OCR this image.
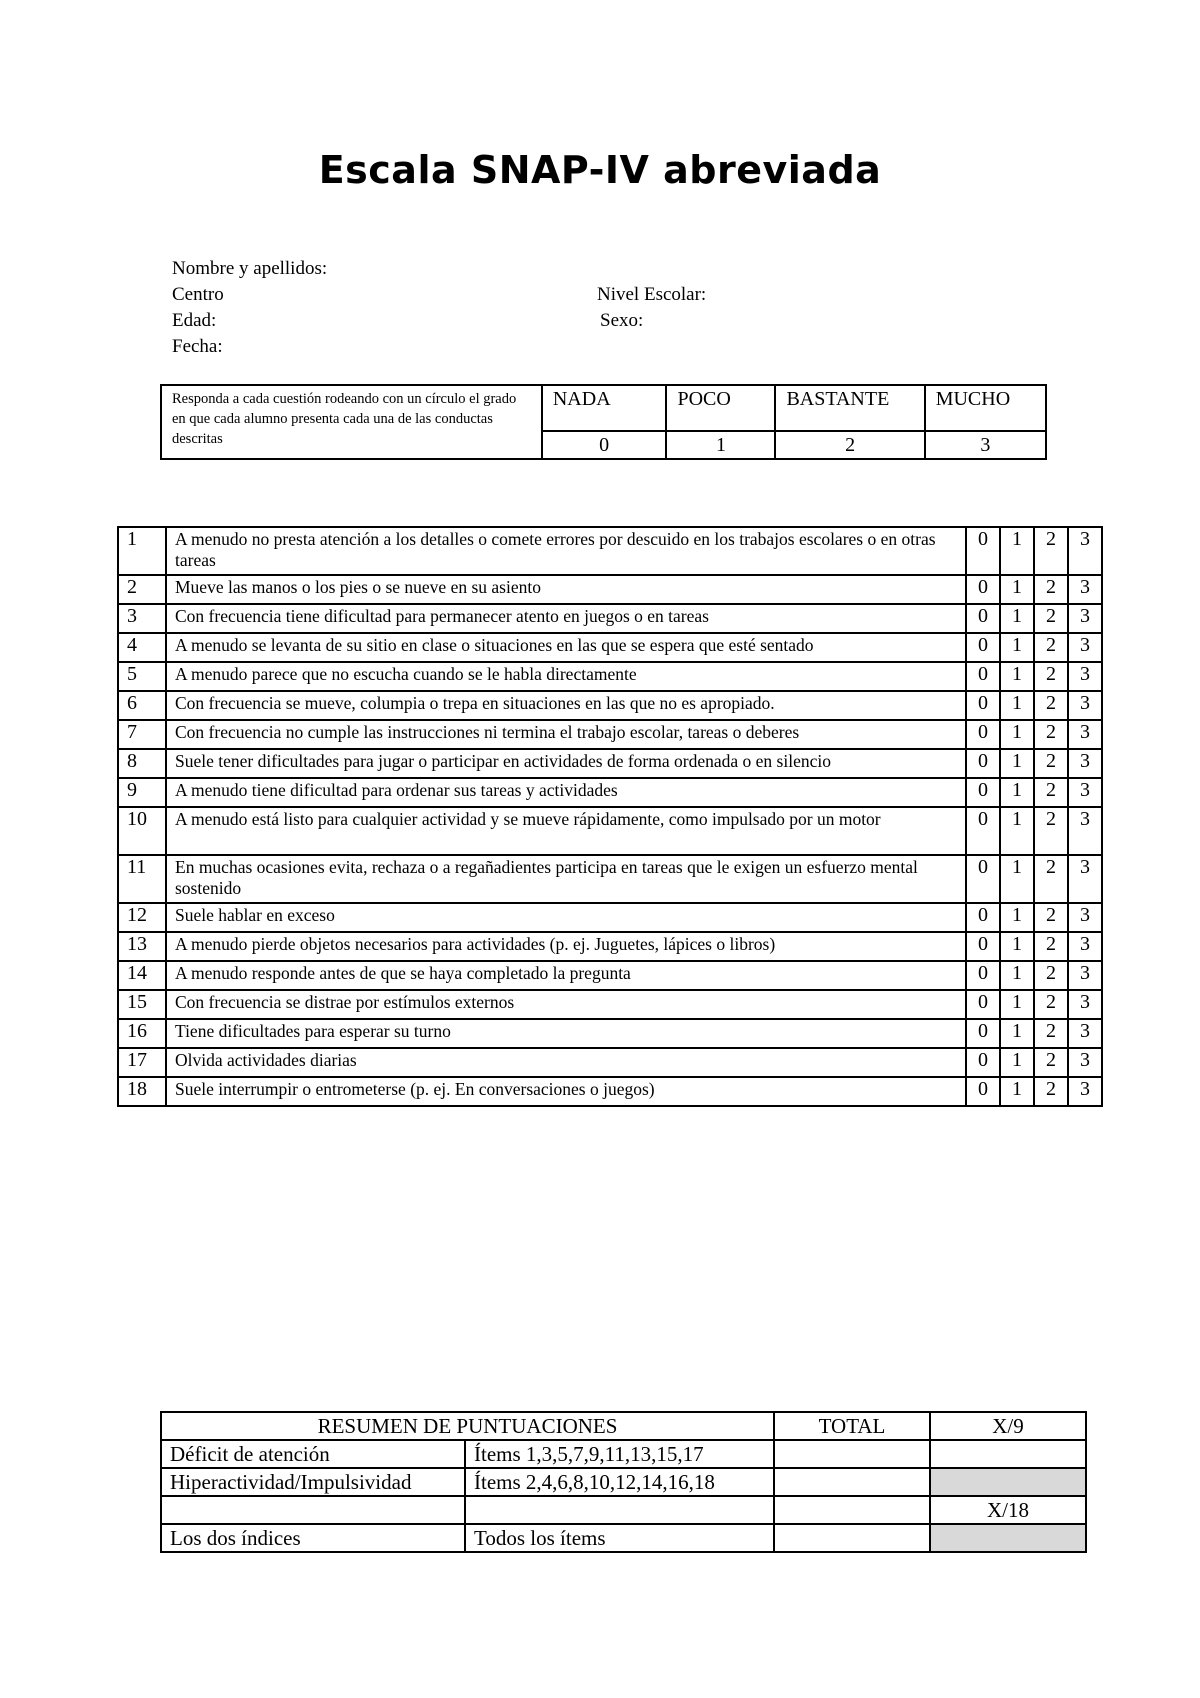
Escala SNAP-IV abreviada
Nombre y apellidos:
Centro
Edad:
Fecha:
Nivel Escolar:
Sexo:
Responda a cada cuestión rodeando con un círculo el grado en que cada alumno presenta cada una de las conductas descritas	NADA	POCO	BASTANTE	MUCHO
	0	1	2	3
1	A menudo no presta atención a los detalles o comete errores por descuido en los trabajos escolares o en otras tareas	0	1	2	3
2	Mueve las manos o los pies o se nueve en su asiento	0	1	2	3
3	Con frecuencia tiene dificultad para permanecer atento en juegos o en tareas	0	1	2	3
4	A menudo se levanta de su sitio en clase o situaciones en las que se espera que esté sentado	0	1	2	3
5	A menudo parece que no escucha cuando se le habla directamente	0	1	2	3
6	Con frecuencia se mueve, columpia o trepa en situaciones en las que no es apropiado.	0	1	2	3
7	Con frecuencia no cumple las instrucciones ni termina el trabajo escolar, tareas o deberes	0	1	2	3
8	Suele tener dificultades para jugar o participar en actividades de forma ordenada o en silencio	0	1	2	3
9	A menudo tiene dificultad para ordenar sus tareas y actividades	0	1	2	3
10	A menudo está listo para cualquier actividad y se mueve rápidamente, como impulsado por un motor	0	1	2	3
11	En muchas ocasiones evita, rechaza o a regañadientes participa en tareas que le exigen un esfuerzo mental sostenido	0	1	2	3
12	Suele hablar en exceso	0	1	2	3
13	A menudo pierde objetos necesarios para actividades (p. ej. Juguetes, lápices o libros)	0	1	2	3
14	A menudo responde antes de que se haya completado la pregunta	0	1	2	3
15	Con frecuencia se distrae por estímulos externos	0	1	2	3
16	Tiene dificultades para esperar su turno	0	1	2	3
17	Olvida actividades diarias	0	1	2	3
18	Suele interrumpir o entrometerse (p. ej. En conversaciones o juegos)	0	1	2	3
RESUMEN DE PUNTUACIONES		TOTAL	X/9
Déficit de atención	Ítems 1,3,5,7,9,11,13,15,17		
Hiperactividad/Impulsividad	Ítems 2,4,6,8,10,12,14,16,18		
			X/18
Los dos índices	Todos los ítems		
